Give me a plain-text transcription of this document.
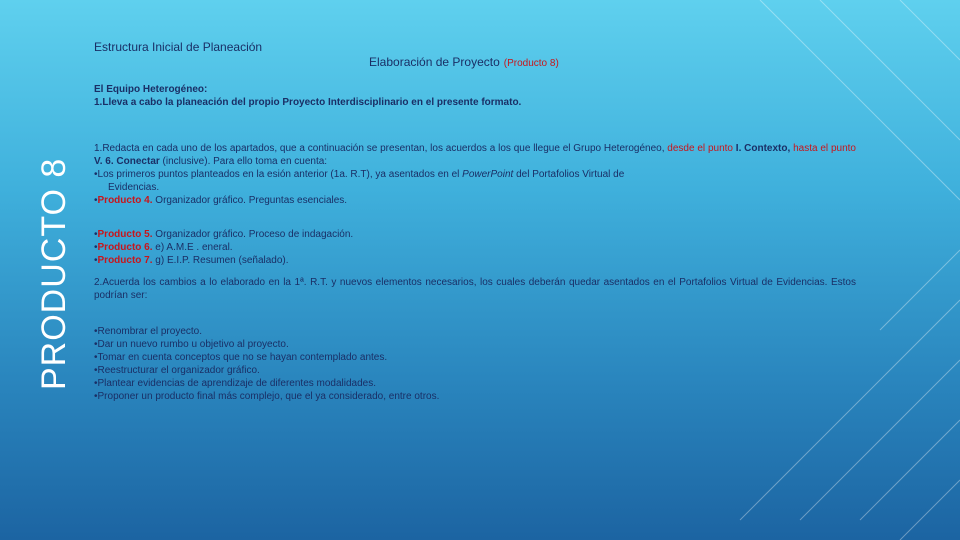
PRODUCTO 8
Estructura Inicial de Planeación
Elaboración de Proyecto (Producto 8)
El Equipo Heterogéneo:
1.Lleva a cabo la planeación del propio Proyecto Interdisciplinario en el presente formato.
1.Redacta en cada uno de los apartados, que a continuación se presentan, los acuerdos a los que llegue el Grupo Heterogéneo, desde el punto I. Contexto, hasta el punto V. 6. Conectar (inclusive). Para ello toma en cuenta:
•Los primeros puntos planteados en la esión anterior (1a. R.T), ya asentados en el PowerPoint del Portafolios Virtual de
Evidencias.
•Producto 4. Organizador gráfico. Preguntas esenciales.
•Producto 5. Organizador gráfico. Proceso de indagación.
•Producto 6. e) A.M.E . eneral.
•Producto 7. g) E.I.P. Resumen (señalado).
2.Acuerda los cambios a lo elaborado en la 1ª. R.T. y nuevos elementos necesarios, los cuales deberán quedar asentados en el Portafolios Virtual de Evidencias. Estos podrían ser:
•Renombrar el proyecto.
•Dar un nuevo rumbo u objetivo al proyecto.
•Tomar en cuenta conceptos que no se hayan contemplado antes.
•Reestructurar el organizador gráfico.
•Plantear evidencias de aprendizaje de diferentes modalidades.
•Proponer un producto final más complejo, que el ya considerado, entre otros.
